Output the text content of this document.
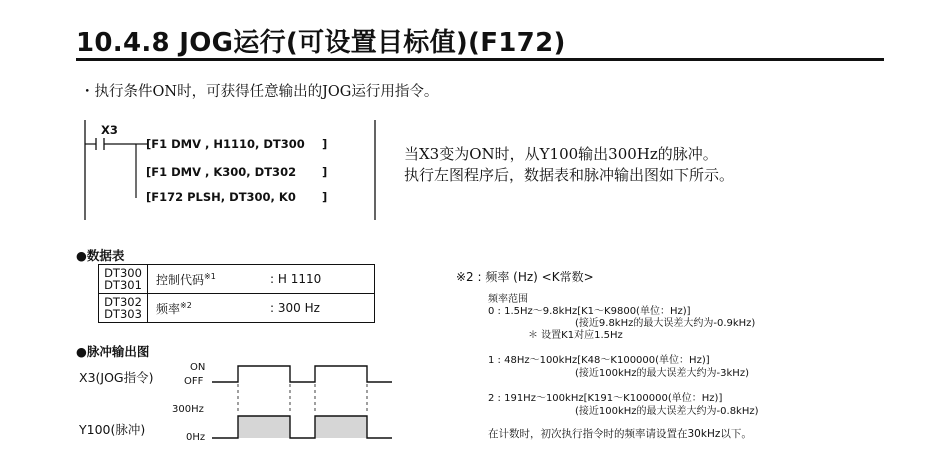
10.4.8 JOG运行(可设置目标值)(F172)
・执行条件ON时，可获得任意输出的JOG运行用指令。
X3
[F1 DMV , H1110, DT300 ]
[F1 DMV , K300, DT302 ]
[F172 PLSH, DT300, K0 ]
当X3变为ON时，从Y100输出300Hz的脉冲。
执行左图程序后，数据表和脉冲输出图如下所示。
●数据表
DT300
DT301	控制代码$^{※1}$	: H 1110

DT302
DT303	频率$^{※2}$	: 300 Hz
●脉冲输出图
X3(JOG指令)
ON
OFF
Y100(脉冲)
300Hz
0Hz
※2 : 频率 (Hz) <K常数>
频率范围
0 : 1.5Hz～9.8kHz[K1～K9800(单位：Hz)]
(接近9.8kHz的最大误差大约为-0.9kHz)
＊ 设置K1对应1.5Hz
1 : 48Hz～100kHz[K48～K100000(单位：Hz)]
(接近100kHz的最大误差大约为-3kHz)
2 : 191Hz～100kHz[K191～K100000(单位：Hz)]
(接近100kHz的最大误差大约为-0.8kHz)
在计数时，初次执行指令时的频率请设置在30kHz以下。
